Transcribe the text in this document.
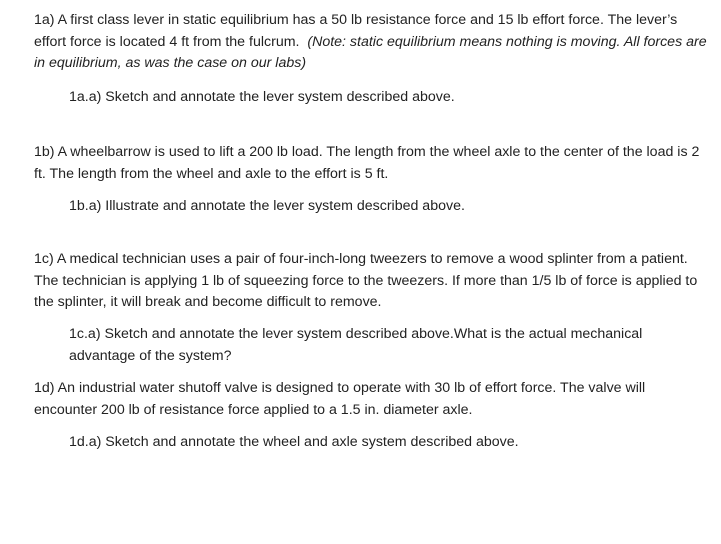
1a) A first class lever in static equilibrium has a 50 lb resistance force and 15 lb effort force. The lever’s effort force is located 4 ft from the fulcrum. (Note: static equilibrium means nothing is moving. All forces are in equilibrium, as was the case on our labs)

1a.a) Sketch and annotate the lever system described above.

1b) A wheelbarrow is used to lift a 200 lb load. The length from the wheel axle to the center of the load is 2 ft. The length from the wheel and axle to the effort is 5 ft.

1b.a) Illustrate and annotate the lever system described above.

1c) A medical technician uses a pair of four-inch-long tweezers to remove a wood splinter from a patient. The technician is applying 1 lb of squeezing force to the tweezers. If more than 1/5 lb of force is applied to the splinter, it will break and become difficult to remove.

1c.a) Sketch and annotate the lever system described above.What is the actual mechanical advantage of the system?

1d) An industrial water shutoff valve is designed to operate with 30 lb of effort force. The valve will encounter 200 lb of resistance force applied to a 1.5 in. diameter axle.

1d.a) Sketch and annotate the wheel and axle system described above.
